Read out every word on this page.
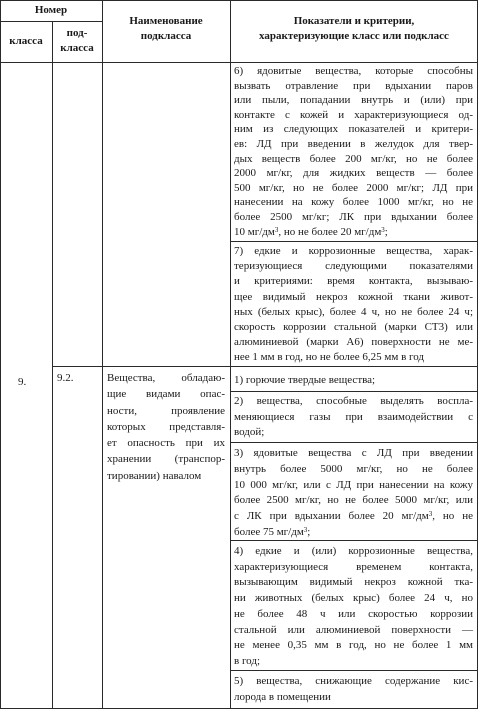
Номер
класса
под-
класса
Наименование
подкласса
Показатели и критерии,
характеризующие класс или подкласс
9.	9.2.	Вещества, обладаю-
щие видами опас-
ности, проявление
которых представля-
ет опасность при их
хранении (транспор-
тировании) навалом
6) ядовитые вещества, которые способны
вызвать отравление при вдыхании паров
или пыли, попадании внутрь и (или) при
контакте с кожей и характеризующиеся од-
ним из следующих показателей и критери-
ев: ЛД при введении в желудок для твер-
дых веществ более 200 мг/кг, но не более
2000 мг/кг, для жидких веществ — более
500 мг/кг, но не более 2000 мг/кг; ЛД при
нанесении на кожу более 1000 мг/кг, но не
более 2500 мг/кг; ЛК при вдыхании более
10 $мг/дм^3$, но не более 20 $мг/дм^3$;
7) едкие и коррозионные вещества, харак-
теризующиеся следующими показателями
и критериями: время контакта, вызываю-
щее видимый некроз кожной ткани живот-
ных (белых крыс), более 4 ч, но не более 24 ч;
скорость коррозии стальной (марки СТ3) или
алюминиевой (марки А6) поверхности не ме-
нее 1 мм в год, но не более 6,25 мм в год
1) горючие твердые вещества;
2) вещества, способные выделять воспла-
меняющиеся газы при взаимодействии с
водой;
3) ядовитые вещества с ЛД при введении
внутрь более 5000 мг/кг, но не более
10 000 мг/кг, или с ЛД при нанесении на кожу
более 2500 мг/кг, но не более 5000 мг/кг, или
с ЛК при вдыхании более 20 $мг/дм^3$, но не
более 75 $мг/дм^3$;
4) едкие и (или) коррозионные вещества,
характеризующиеся временем контакта,
вызывающим видимый некроз кожной тка-
ни животных (белых крыс) более 24 ч, но
не более 48 ч или скоростью коррозии
стальной или алюминиевой поверхности —
не менее 0,35 мм в год, но не более 1 мм
в год;
5) вещества, снижающие содержание кис-
лорода в помещении
